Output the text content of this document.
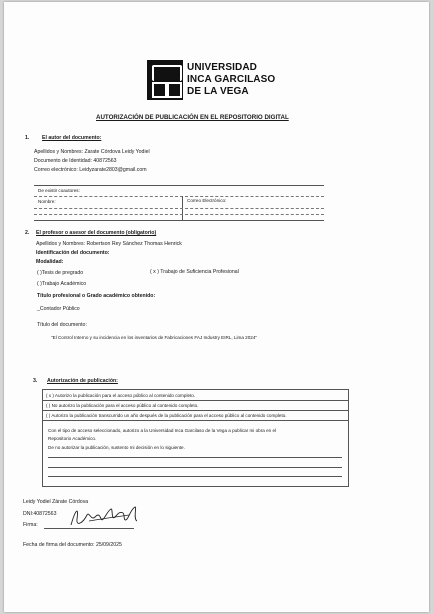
UNIVERSIDAD
INCA GARCILASO
DE LA VEGA
AUTORIZACIÓN DE PUBLICACIÓN EN EL REPOSITORIO DIGITAL
1. El autor del documento:
Apellidos y Nombres: Zarate Córdova Leidy Yodiel
Documento de Identidad: 40872563
Correo electrónico: Leidyzarate2803@gmail.com
De existir coautores:
Nombre:	Correo Electrónico:
2. El profesor o asesor del documento (obligatorio)
Apellidos y Nombres: Robertson Rey Sánchez Thomas Henrick
Identificación del documento:
Modalidad:
( )Tesis de pregrado	( x ) Trabajo de Suficiencia Profesional
( )Trabajo Académico
Título profesional o Grado académico obtenido:
_Contador Público
Título del documento:
"El Control Interno y su incidencia en los inventarios de Fabricaciones FAJ Industry EIRL, Lima 2024"
3. Autorización de publicación:
( x ) Autorizo la publicación para el acceso público al contenido completo.
( ) No autorizo la publicación para el acceso público al contenido completo.
( ) Autorizo la publicación transcurrido un año después de la publicación para el acceso público al contenido completo.
Con el tipo de acceso seleccionado, autorizo a la Universidad Inca Garcilaso de la Vega a publicar mi obra en el
Repositorio Académico.
De no autorizar la publicación, sustento mi decisión en lo siguiente.
Leidy Yodiel Zárate Córdova
DNI:40872563
Firma:
Fecha de firma del documento: 25/09/2025
